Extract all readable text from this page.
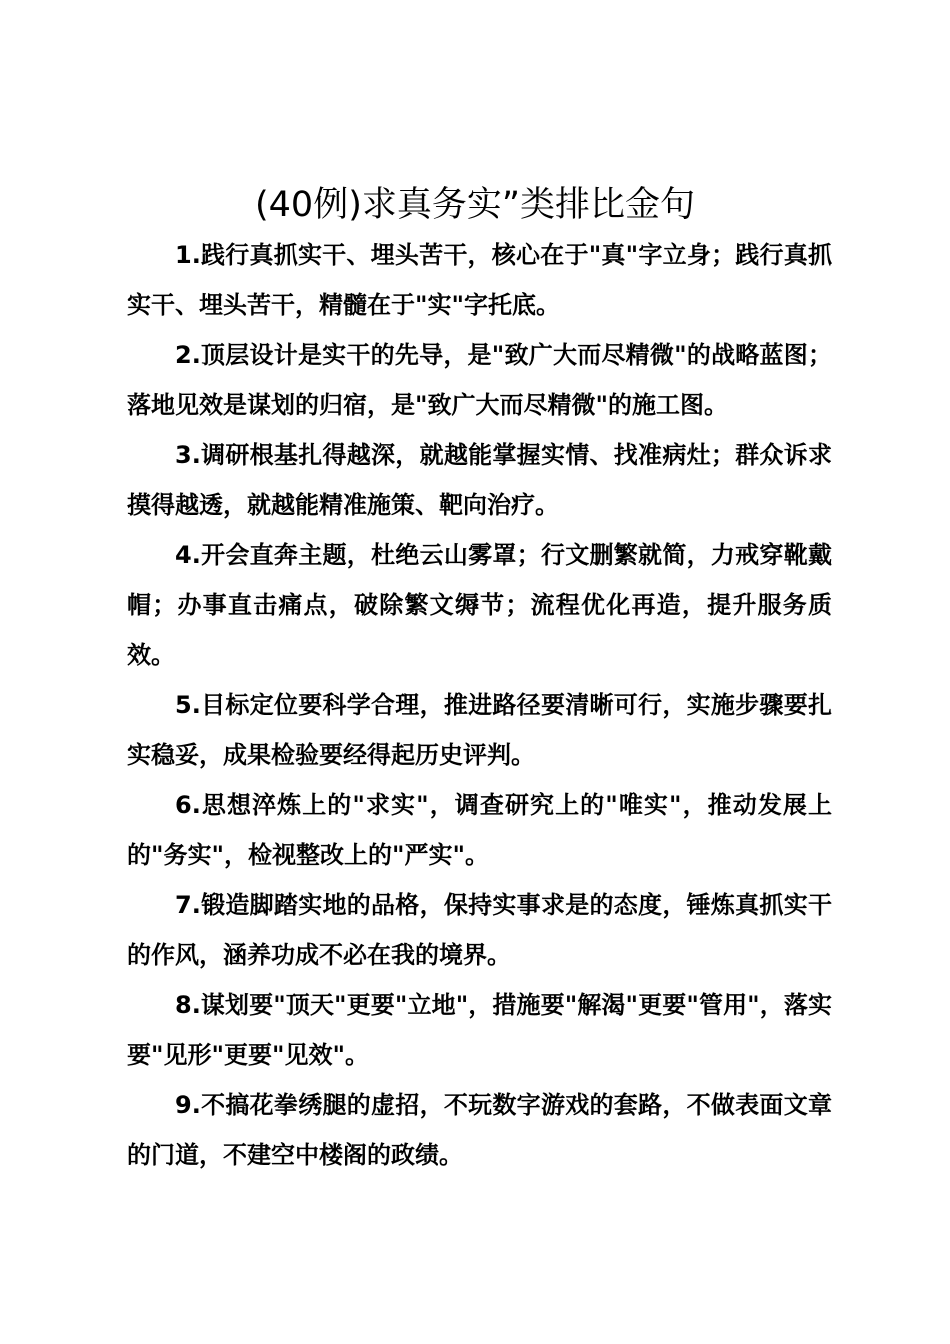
(40例)求真务实”类排比金句

1.践行真抓实干、埋头苦干，核心在于"真"字立身；践行真抓实干、埋头苦干，精髓在于"实"字托底。

2.顶层设计是实干的先导，是"致广大而尽精微"的战略蓝图；落地见效是谋划的归宿，是"致广大而尽精微"的施工图。

3.调研根基扎得越深，就越能掌握实情、找准病灶；群众诉求摸得越透，就越能精准施策、靶向治疗。

4.开会直奔主题，杜绝云山雾罩；行文删繁就简，力戒穿靴戴帽；办事直击痛点，破除繁文缛节；流程优化再造，提升服务质效。

5.目标定位要科学合理，推进路径要清晰可行，实施步骤要扎实稳妥，成果检验要经得起历史评判。

6.思想淬炼上的"求实"，调查研究上的"唯实"，推动发展上的"务实"，检视整改上的"严实"。

7.锻造脚踏实地的品格，保持实事求是的态度，锤炼真抓实干的作风，涵养功成不必在我的境界。

8.谋划要"顶天"更要"立地"，措施要"解渴"更要"管用"，落实要"见形"更要"见效"。

9.不搞花拳绣腿的虚招，不玩数字游戏的套路，不做表面文章的门道，不建空中楼阁的政绩。
